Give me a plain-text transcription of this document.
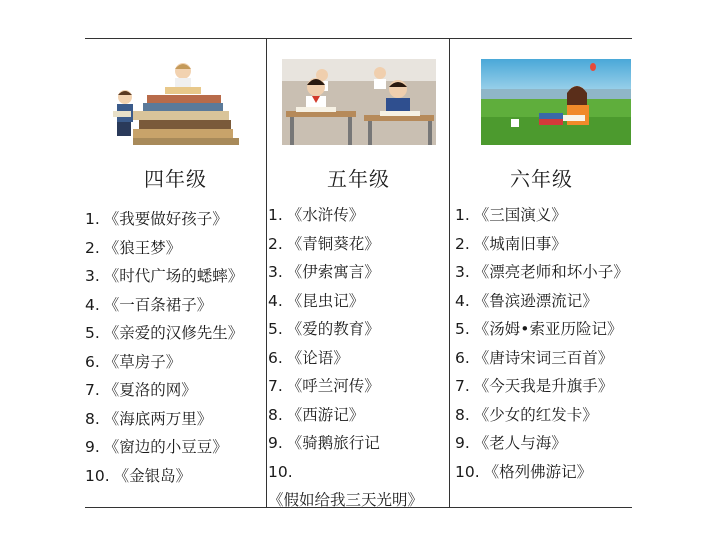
四年级
1. 《我要做好孩子》
2. 《狼王梦》
3. 《时代广场的蟋蟀》
4. 《一百条裙子》
5. 《亲爱的汉修先生》
6. 《草房子》
7. 《夏洛的网》
8. 《海底两万里》
9. 《窗边的小豆豆》
10. 《金银岛》
五年级
1. 《水浒传》
2. 《青铜葵花》
3. 《伊索寓言》
4. 《昆虫记》
5. 《爱的教育》
6. 《论语》
7. 《呼兰河传》
8. 《西游记》
9. 《骑鹅旅行记
10.《假如给我三天光明》
六年级
1. 《三国演义》
2. 《城南旧事》
3. 《漂亮老师和坏小子》
4. 《鲁滨逊漂流记》
5. 《汤姆•索亚历险记》
6. 《唐诗宋词三百首》
7. 《今天我是升旗手》
8. 《少女的红发卡》
9. 《老人与海》
10. 《格列佛游记》
